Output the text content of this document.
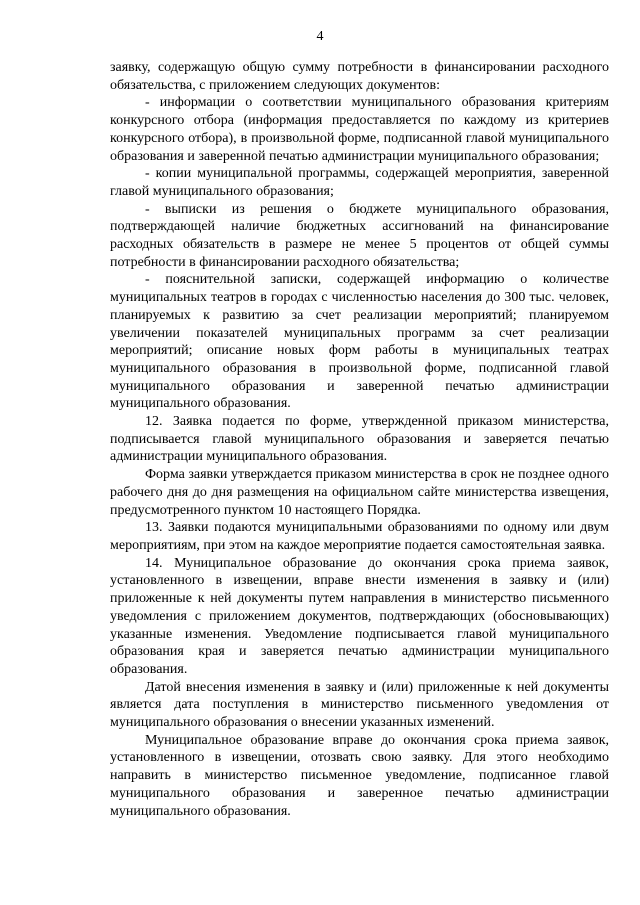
4

заявку, содержащую общую сумму потребности в финансировании расходного обязательства, с приложением следующих документов:

- информации о соответствии муниципального образования критериям конкурсного отбора (информация предоставляется по каждому из критериев конкурсного отбора), в произвольной форме, подписанной главой муниципального образования и заверенной печатью администрации муниципального образования;

- копии муниципальной программы, содержащей мероприятия, заверенной главой муниципального образования;

- выписки из решения о бюджете муниципального образования, подтверждающей наличие бюджетных ассигнований на финансирование расходных обязательств в размере не менее 5 процентов от общей суммы потребности в финансировании расходного обязательства;

- пояснительной записки, содержащей информацию о количестве муниципальных театров в городах с численностью населения до 300 тыс. человек, планируемых к развитию за счет реализации мероприятий; планируемом увеличении показателей муниципальных программ за счет реализации мероприятий; описание новых форм работы в муниципальных театрах муниципального образования в произвольной форме, подписанной главой муниципального образования и заверенной печатью администрации муниципального образования.

12. Заявка подается по форме, утвержденной приказом министерства, подписывается главой муниципального образования и заверяется печатью администрации муниципального образования.

Форма заявки утверждается приказом министерства в срок не позднее одного рабочего дня до дня размещения на официальном сайте министерства извещения, предусмотренного пунктом 10 настоящего Порядка.

13. Заявки подаются муниципальными образованиями по одному или двум мероприятиям, при этом на каждое мероприятие подается самостоятельная заявка.

14. Муниципальное образование до окончания срока приема заявок, установленного в извещении, вправе внести изменения в заявку и (или) приложенные к ней документы путем направления в министерство письменного уведомления с приложением документов, подтверждающих (обосновывающих) указанные изменения. Уведомление подписывается главой муниципального образования края и заверяется печатью администрации муниципального образования.

Датой внесения изменения в заявку и (или) приложенные к ней документы является дата поступления в министерство письменного уведомления от муниципального образования о внесении указанных изменений.

Муниципальное образование вправе до окончания срока приема заявок, установленного в извещении, отозвать свою заявку. Для этого необходимо направить в министерство письменное уведомление, подписанное главой муниципального образования и заверенное печатью администрации муниципального образования.
